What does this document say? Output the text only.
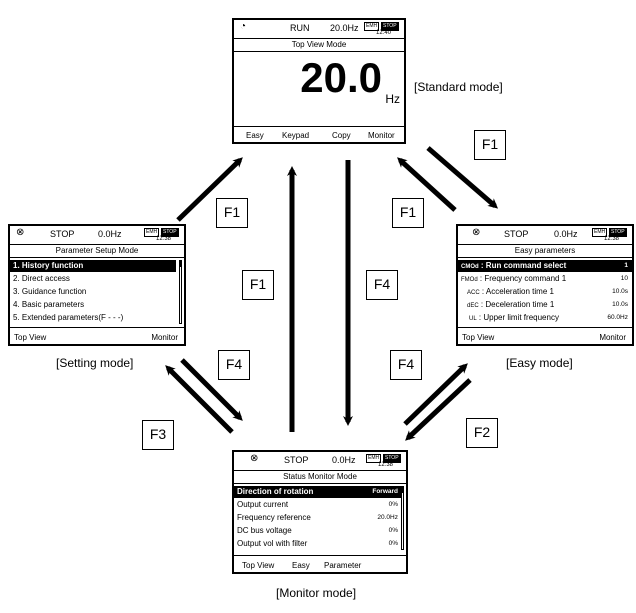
F1
F1	F4
F1
F1
F4
F3
F4
F2
◔	RUN 20.0Hz	EMH	STOP
12:40
Top View Mode
20.0 Hz
Easy Keypad	Copy Monitor
[Standard mode]
⊗	STOP	0.0Hz	EMH	STOP
12:38
Parameter Setup Mode
1. History function
2. Direct access
3. Guidance function
4. Basic parameters
5. Extended parameters(F - - -)
Top View	Monitor
[Setting mode]
⊗	STOP	0.0Hz	EMH	STOP
12:38
Easy parameters
CMOd : Run command select	1
FMOd : Frequency command 1	10
ACC : Acceleration time 1	10.0s
dEC : Deceleration time 1	10.0s
UL : Upper limit frequency	60.0Hz
Top View	Monitor
[Easy mode]
⊗	STOP	0.0Hz	EMH	STOP
12:38
Status Monitor Mode
Direction of rotation	Forward
Output current	0%
Frequency reference	20.0Hz
DC bus voltage	0%
Output vol with filter	0%
Top View Easy Parameter
[Monitor mode]
